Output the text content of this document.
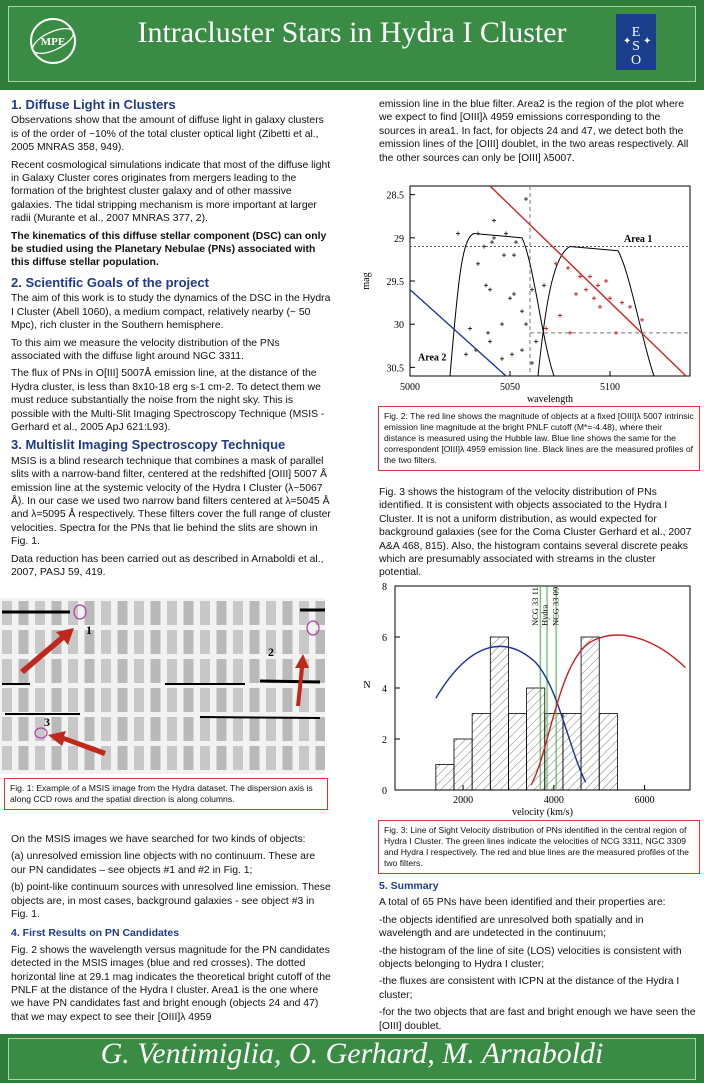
MPE	Intracluster Stars in Hydra I Cluster	E
S
O
✦ ✦
1. Diffuse Light in Clusters

Observations show that the amount of diffuse light in galaxy clusters is of the order of ~10% of the total cluster optical light (Zibetti et al., 2005 MNRAS 358, 949).

Recent cosmological simulations indicate that most of the diffuse light in Galaxy Cluster cores originates from mergers leading to the formation of the brightest cluster galaxy and of other massive galaxies. The tidal stripping mechanism is more important at larger radii (Murante et al., 2007 MNRAS 377, 2).

The kinematics of this diffuse stellar component (DSC) can only be studied using the Planetary Nebulae (PNs) associated with this diffuse stellar population.

2. Scientific Goals of the project

The aim of this work is to study the dynamics of the DSC in the Hydra I Cluster (Abell 1060), a medium compact, relatively nearby (~ 50 Mpc), rich cluster in the Southern hemisphere.

To this aim we measure the velocity distribution of the PNs associated with the diffuse light around NGC 3311.

The flux of PNs in O[III] 5007Å emission line, at the distance of the Hydra cluster, is less than 8x10-18 erg s-1 cm-2. To detect them we must reduce substantially the noise from the night sky. This is possible with the Multi-Slit Imaging Spectroscopy Technique (MSIS - Gerhard et al., 2005 ApJ 621:L93).

3. Multislit Imaging Spectroscopy Technique

MSIS is a blind research technique that combines a mask of parallel slits with a narrow-band filter, centered at the redshifted [OIII] 5007 Å emission line at the systemic velocity of the Hydra I Cluster (λ~5067 Å). In our case we used two narrow band filters centered at λ=5045 Å and λ=5095 Å respectively. These filters cover the full range of cluster velocities. Spectra for the PNs that lie behind the slits are shown in Fig. 1.

Data reduction has been carried out as described in Arnaboldi et al., 2007, PASJ 59, 419.

1
2
3
Fig. 1: Example of a MSIS image from the Hydra dataset. The dispersion axis is along CCD rows and the spatial direction is along columns.

On the MSIS images we have searched for two kinds of objects:

(a) unresolved emission line objects with no continuum. These are our PN candidates – see objects #1 and #2 in Fig. 1;

(b) point-like continuum sources with unresolved line emission. These objects are, in most cases, background galaxies - see object #3 in Fig. 1.

4. First Results on PN Candidates

Fig. 2 shows the wavelength versus magnitude for the PN candidates detected in the MSIS images (blue and red crosses). The dotted horizontal line at 29.1 mag indicates the theoretical bright cutoff of the PNLF at the distance of the Hydra I cluster. Area1 is the one where we have PN candidates fast and bright enough (objects 24 and 47) that we may expect to see their [OIII]λ 4959

emission line in the blue filter. Area2 is the region of the plot where we expect to find [OIII]λ 4959 emissions corresponding to the sources in area1. In fact, for objects 24 and 47, we detect both the emission lines of the [OIII] doublet, in the two areas respectively. All the other sources can only be [OIII] λ5007.

5000	5050	5100
28.5
29
29.5
30
30.5
wavelength
mag
Area 1
Area 2
Fig. 2: The red line shows the magnitude of objects at a fixed [OIII]λ 5007 intrinsic emission line magnitude at the bright PNLF cutoff (M*=-4.48), where their distance is measured using the Hubble law. Blue line shows the same for the correspondent [OIII]λ 4959 emission line. Black lines are the measured profiles of the two filters.

Fig. 3 shows the histogram of the velocity distribution of PNs identified. It is consistent with objects associated to the Hydra I Cluster. It is not a uniform distribution, as would expected for background galaxies (see for the Coma Cluster Gerhard et al., 2007 A&A 468, 815). Also, the histogram contains several discrete peaks which are presumably associated with streams in the cluster potential.

NCG 33 11 Hydra NCG 33 09
2000	4000	6000
0
2
4
6
8
velocity (km/s)
N
Fig. 3: Line of Sight Velocity distribution of PNs identified in the central region of Hydra I Cluster. The green lines indicate the velocities of NCG 3311, NGC 3309 and Hydra I respectively. The red and blue lines are the measured profiles of the two filters.
5. Summary

A total of 65 PNs have been identified and their properties are:

-the objects identified are unresolved both spatially and in wavelength and are undetected in the continuum;

-the histogram of the line of site (LOS) velocities is consistent with objects belonging to Hydra I cluster;

-the fluxes are consistent with ICPN at the distance of the Hydra I cluster;

-for the two objects that are fast and bright enough we have seen the [OIII] doublet.

G. Ventimiglia, O. Gerhard, M. Arnaboldi
